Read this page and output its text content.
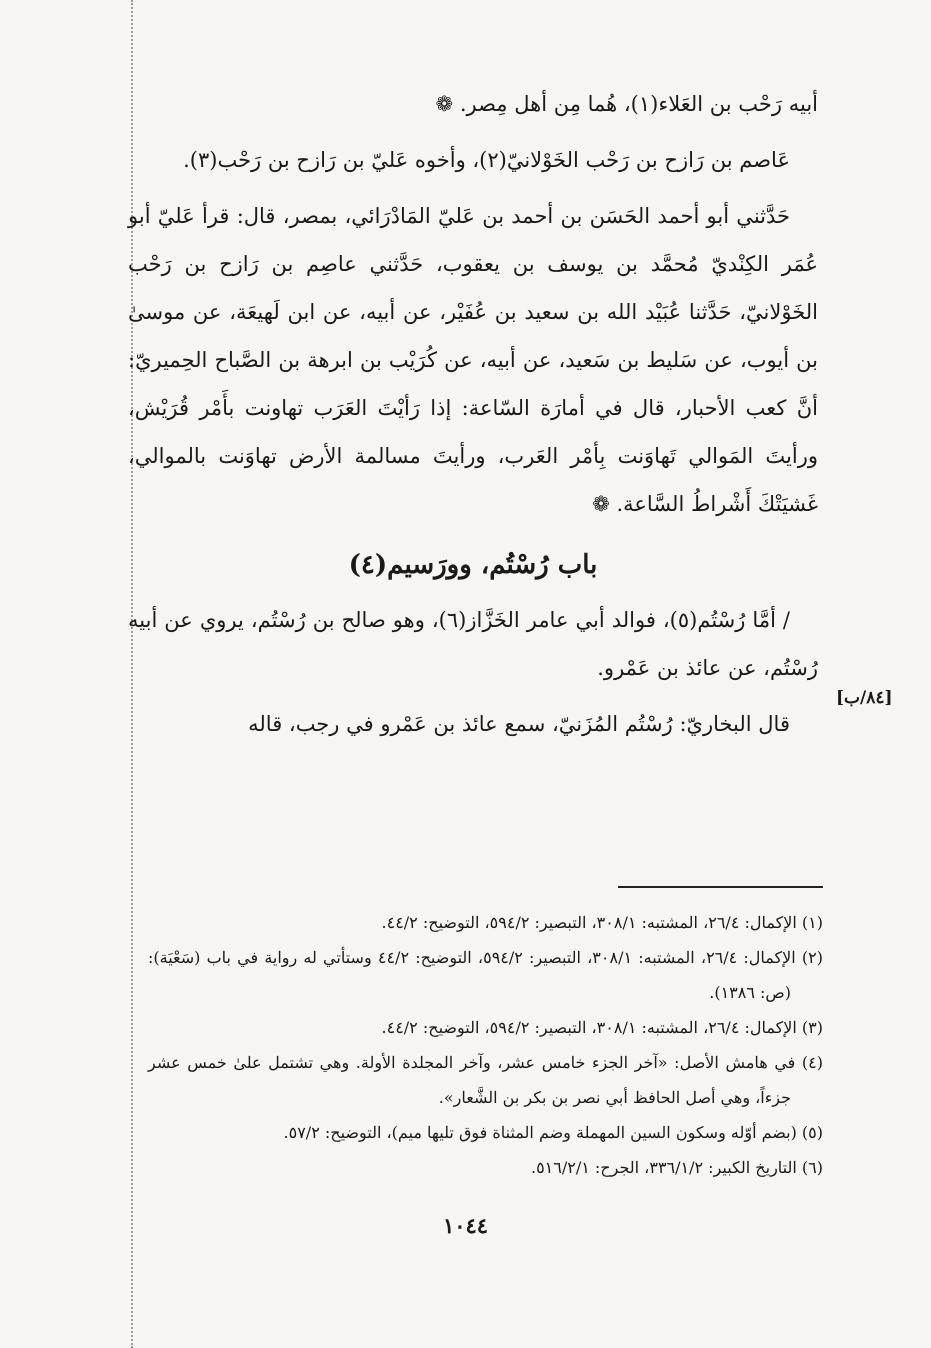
أبيه رَحْب بن العَلاء(١)، هُما مِن أهل مِصر. ❁

عَاصم بن رَازح بن رَحْب الخَوْلانيّ(٢)، وأخوه عَليّ بن رَازح بن رَحْب(٣).

حَدَّثني أبو أحمد الحَسَن بن أحمد بن عَليّ المَادْرَائي، بمصر، قال: قرأ عَليّ أبو عُمَر الكِنْديّ مُحمَّد بن يوسف بن يعقوب، حَدَّثني عاصِم بن رَازح بن رَحْب الخَوْلانيّ، حَدَّثنا عُبَيْد الله بن سعيد بن عُفَيْر، عن أبيه، عن ابن لَهيعَة، عن موسىٰ بن أيوب، عن سَليط بن سَعيد، عن أبيه، عن كُرَيْب بن ابرهة بن الصَّباح الحِميريّ: أنَّ كعب الأحبار، قال في أمارَة السّاعة: إذا رَأيْتَ العَرَب تهاونت بأَمْر قُرَيْش، ورأيتَ المَوالي تَهاوَنت بِأمْر العَرب، ورأيتَ مسالمة الأرض تهاوَنت بالموالي، غَشيَتْكَ أَشْراطُ السَّاعة. ❁

باب رُسْتُم، وورَسيم(٤)

/ أمَّا رُسْتُم(٥)، فوالد أبي عامر الخَزَّاز(٦)، وهو صالح بن رُسْتُم، يروي عن أبيه رُسْتُم، عن عائذ بن عَمْرو.

قال البخاريّ: رُسْتُم المُزَنيّ، سمع عائذ بن عَمْرو في رجب، قاله

[٨٤/ب]

(١) الإكمال: ٢٦/٤، المشتبه: ٣٠٨/١، التبصير: ٥٩٤/٢، التوضيح: ٤٤/٢.

(٢) الإكمال: ٢٦/٤، المشتبه: ٣٠٨/١، التبصير: ٥٩٤/٢، التوضيح: ٤٤/٢ وستأتي له رواية في باب (سَعْيَة): (ص: ١٣٨٦).

(٣) الإكمال: ٢٦/٤، المشتبه: ٣٠٨/١، التبصير: ٥٩٤/٢، التوضيح: ٤٤/٢.

(٤) في هامش الأصل: «آخر الجزء خامس عشر، وآخر المجلدة الأولة. وهي تشتمل علىٰ خمس عشر جزءاً، وهي أصل الحافظ أبي نصر بن بكر بن الشَّعار».

(٥) (بضم أوّله وسكون السين المهملة وضم المثناة فوق تليها ميم)، التوضيح: ٥٧/٢.

(٦) التاريخ الكبير: ٣٣٦/١/٢، الجرح: ٥١٦/٢/١.

١٠٤٤
